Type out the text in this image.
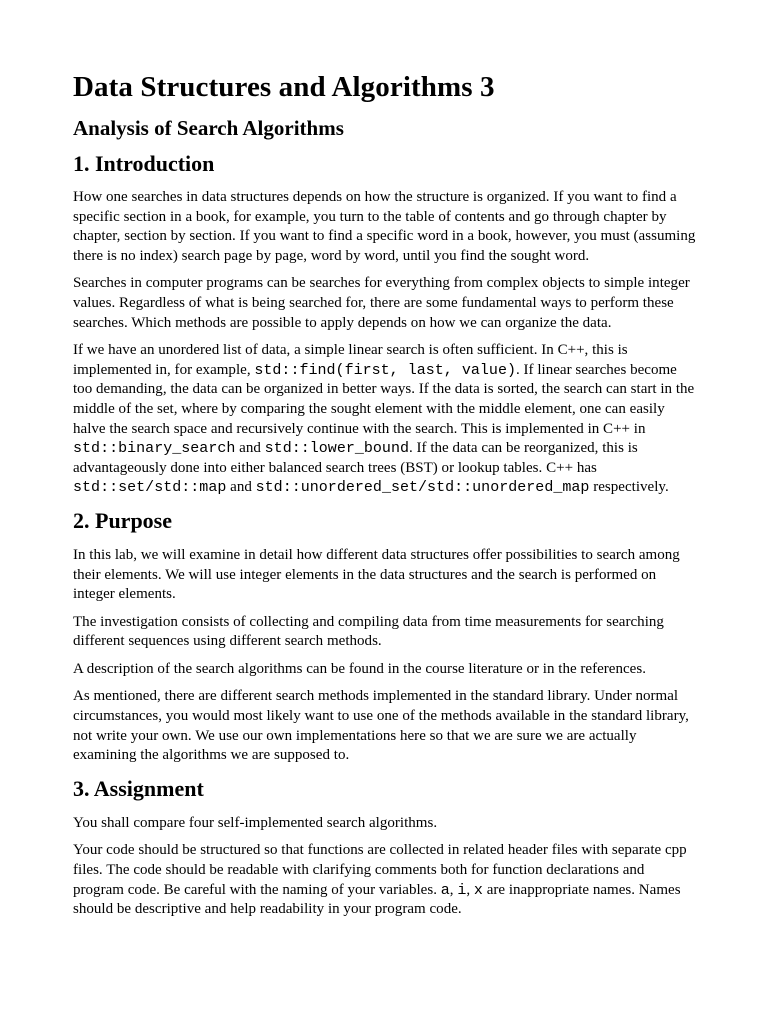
Data Structures and Algorithms 3
Analysis of Search Algorithms
1. Introduction

How one searches in data structures depends on how the structure is organized. If you want to find a specific section in a book, for example, you turn to the table of contents and go through chapter by chapter, section by section. If you want to find a specific word in a book, however, you must (assuming there is no index) search page by page, word by word, until you find the sought word.

Searches in computer programs can be searches for everything from complex objects to simple integer values. Regardless of what is being searched for, there are some fundamental ways to perform these searches. Which methods are possible to apply depends on how we can organize the data.

If we have an unordered list of data, a simple linear search is often sufficient. In C++, this is implemented in, for example, std::find(first, last, value). If linear searches become too demanding, the data can be organized in better ways. If the data is sorted, the search can start in the middle of the set, where by comparing the sought element with the middle element, one can easily halve the search space and recursively continue with the search. This is implemented in C++ in std::binary_search and std::lower_bound. If the data can be reorganized, this is advantageously done into either balanced search trees (BST) or lookup tables. C++ has std::set/std::map and std::unordered_set/std::unordered_map respectively.

2. Purpose

In this lab, we will examine in detail how different data structures offer possibilities to search among their elements. We will use integer elements in the data structures and the search is performed on integer elements.

The investigation consists of collecting and compiling data from time measurements for searching different sequences using different search methods.

A description of the search algorithms can be found in the course literature or in the references.

As mentioned, there are different search methods implemented in the standard library. Under normal circumstances, you would most likely want to use one of the methods available in the standard library, not write your own. We use our own implementations here so that we are sure we are actually examining the algorithms we are supposed to.

3. Assignment

You shall compare four self-implemented search algorithms.

Your code should be structured so that functions are collected in related header files with separate cpp files. The code should be readable with clarifying comments both for function declarations and program code. Be careful with the naming of your variables. a, i, x are inappropriate names. Names should be descriptive and help readability in your program code.
